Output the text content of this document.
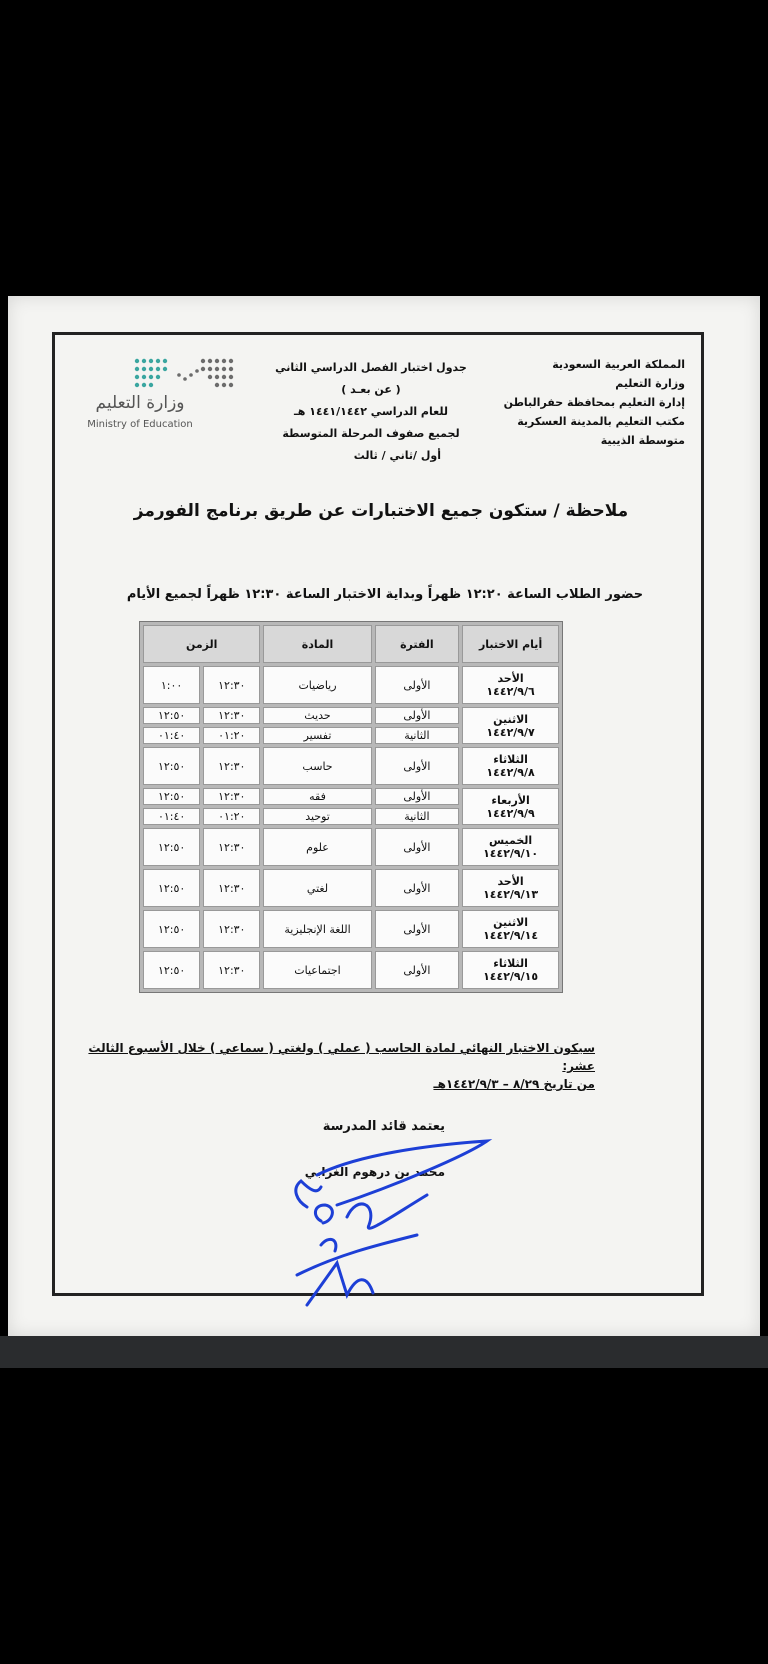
المملكة العربية السعودية
وزارة التعليم
إدارة التعليم بمحافظة حفرالباطن
مكتب التعليم بالمدينة العسكرية
متوسطة الذيبية
جدول اختبار الفصل الدراسي الثاني
( عن بعـد )
للعام الدراسي ١٤٤١/١٤٤٢ هـ
لجميع صفوف المرحلة المتوسطة
أول /ثاني / ثالث
وزارة التعليم
Ministry of Education
ملاحظة / ستكون جميع الاختبارات عن طريق برنامج الفورمز
حضور الطلاب الساعة ١٢:٢٠ ظهراً وبداية الاختبار الساعة ١٢:٣٠ ظهراً لجميع الأيام
أيام الاختبار	الفترة	المادة	الزمن	

الأحد
١٤٤٢/٩/٦	الأولى	رياضيات	١٢:٣٠	١:٠٠

الاثنين
١٤٤٢/٩/٧	الأولى	حديث	١٢:٣٠	١٢:٥٠
	الثانية	تفسير	٠١:٢٠	٠١:٤٠

الثلاثاء
١٤٤٢/٩/٨	الأولى	حاسب	١٢:٣٠	١٢:٥٠

الأربعاء
١٤٤٢/٩/٩	الأولى	فقه	١٢:٣٠	١٢:٥٠
	الثانية	توحيد	٠١:٢٠	٠١:٤٠

الخميس
١٤٤٢/٩/١٠	الأولى	علوم	١٢:٣٠	١٢:٥٠

الأحد
١٤٤٢/٩/١٣	الأولى	لغتي	١٢:٣٠	١٢:٥٠

الاثنين
١٤٤٢/٩/١٤	الأولى	اللغة الإنجليزية	١٢:٣٠	١٢:٥٠

الثلاثاء
١٤٤٢/٩/١٥	الأولى	اجتماعيات	١٢:٣٠	١٢:٥٠
سيكون الاختبار النهائي لمادة الحاسب ( عملي ) ولغتي ( سماعي ) خلال الأسبوع الثالث عشر:
من تاريخ ٨/٢٩ – ١٤٤٢/٩/٣هـ
يعتمد قائد المدرسة
محمد بن درهوم الغرابي
